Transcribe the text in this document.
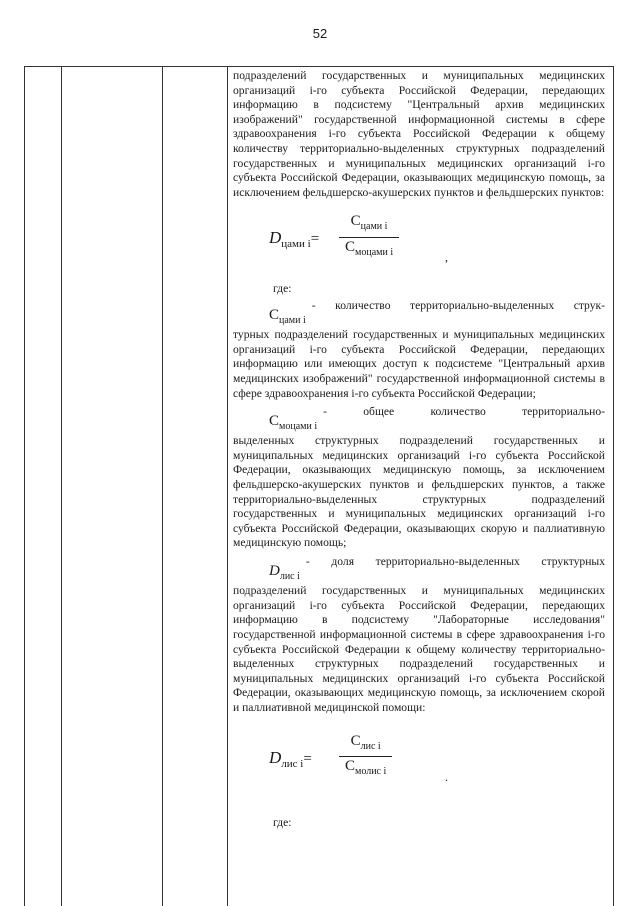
52

подразделений государственных и муниципальных медицинских организаций i-го субъекта Российской Федерации, передающих информацию в подсистему "Центральный архив медицинских изображений" государственной информационной системы в сфере здравоохранения i-го субъекта Российской Федерации к общему количеству территориально-выделенных структурных подразделений государственных и муниципальных медицинских организаций i-го субъекта Российской Федерации, оказывающих медицинскую помощь, за исключением фельдшерско-акушерских пунктов и фельдшерских пунктов:

$D_{цами i}=$
$C_{цами i}$
$C_{моцами i}$	,
где:
$C_{цами i}$
- количество территориально-выделенных струк-

турных подразделений государственных и муниципальных медицинских организаций i-го субъекта Российской Федерации, передающих информацию или имеющих доступ к подсистеме "Центральный архив медицинских изображений" государственной информационной системы в сфере здравоохранения i-го субъекта Российской Федерации;

$C_{моцами i}$
- общее количество территориально-

выделенных структурных подразделений государственных и муниципальных медицинских организаций i-го субъекта Российской Федерации, оказывающих медицинскую помощь, за исключением фельдшерско-акушерских пунктов и фельдшерских пунктов, а также территориально-выделенных структурных подразделений государственных и муниципальных медицинских организаций i-го субъекта Российской Федерации, оказывающих скорую и паллиативную медицинскую помощь;

$D_{лис i}$
- доля территориально-выделенных структурных

подразделений государственных и муниципальных медицинских организаций i-го субъекта Российской Федерации, передающих информацию в подсистему "Лабораторные исследования" государственной информационной системы в сфере здравоохранения i-го субъекта Российской Федерации к общему количеству территориально-выделенных структурных подразделений государственных и муниципальных медицинских организаций i-го субъекта Российской Федерации, оказывающих медицинскую помощь, за исключением скорой и паллиативной медицинской помощи:

$D_{лис i}=$
$C_{лис i}$
$C_{молис i}$	.
где:
